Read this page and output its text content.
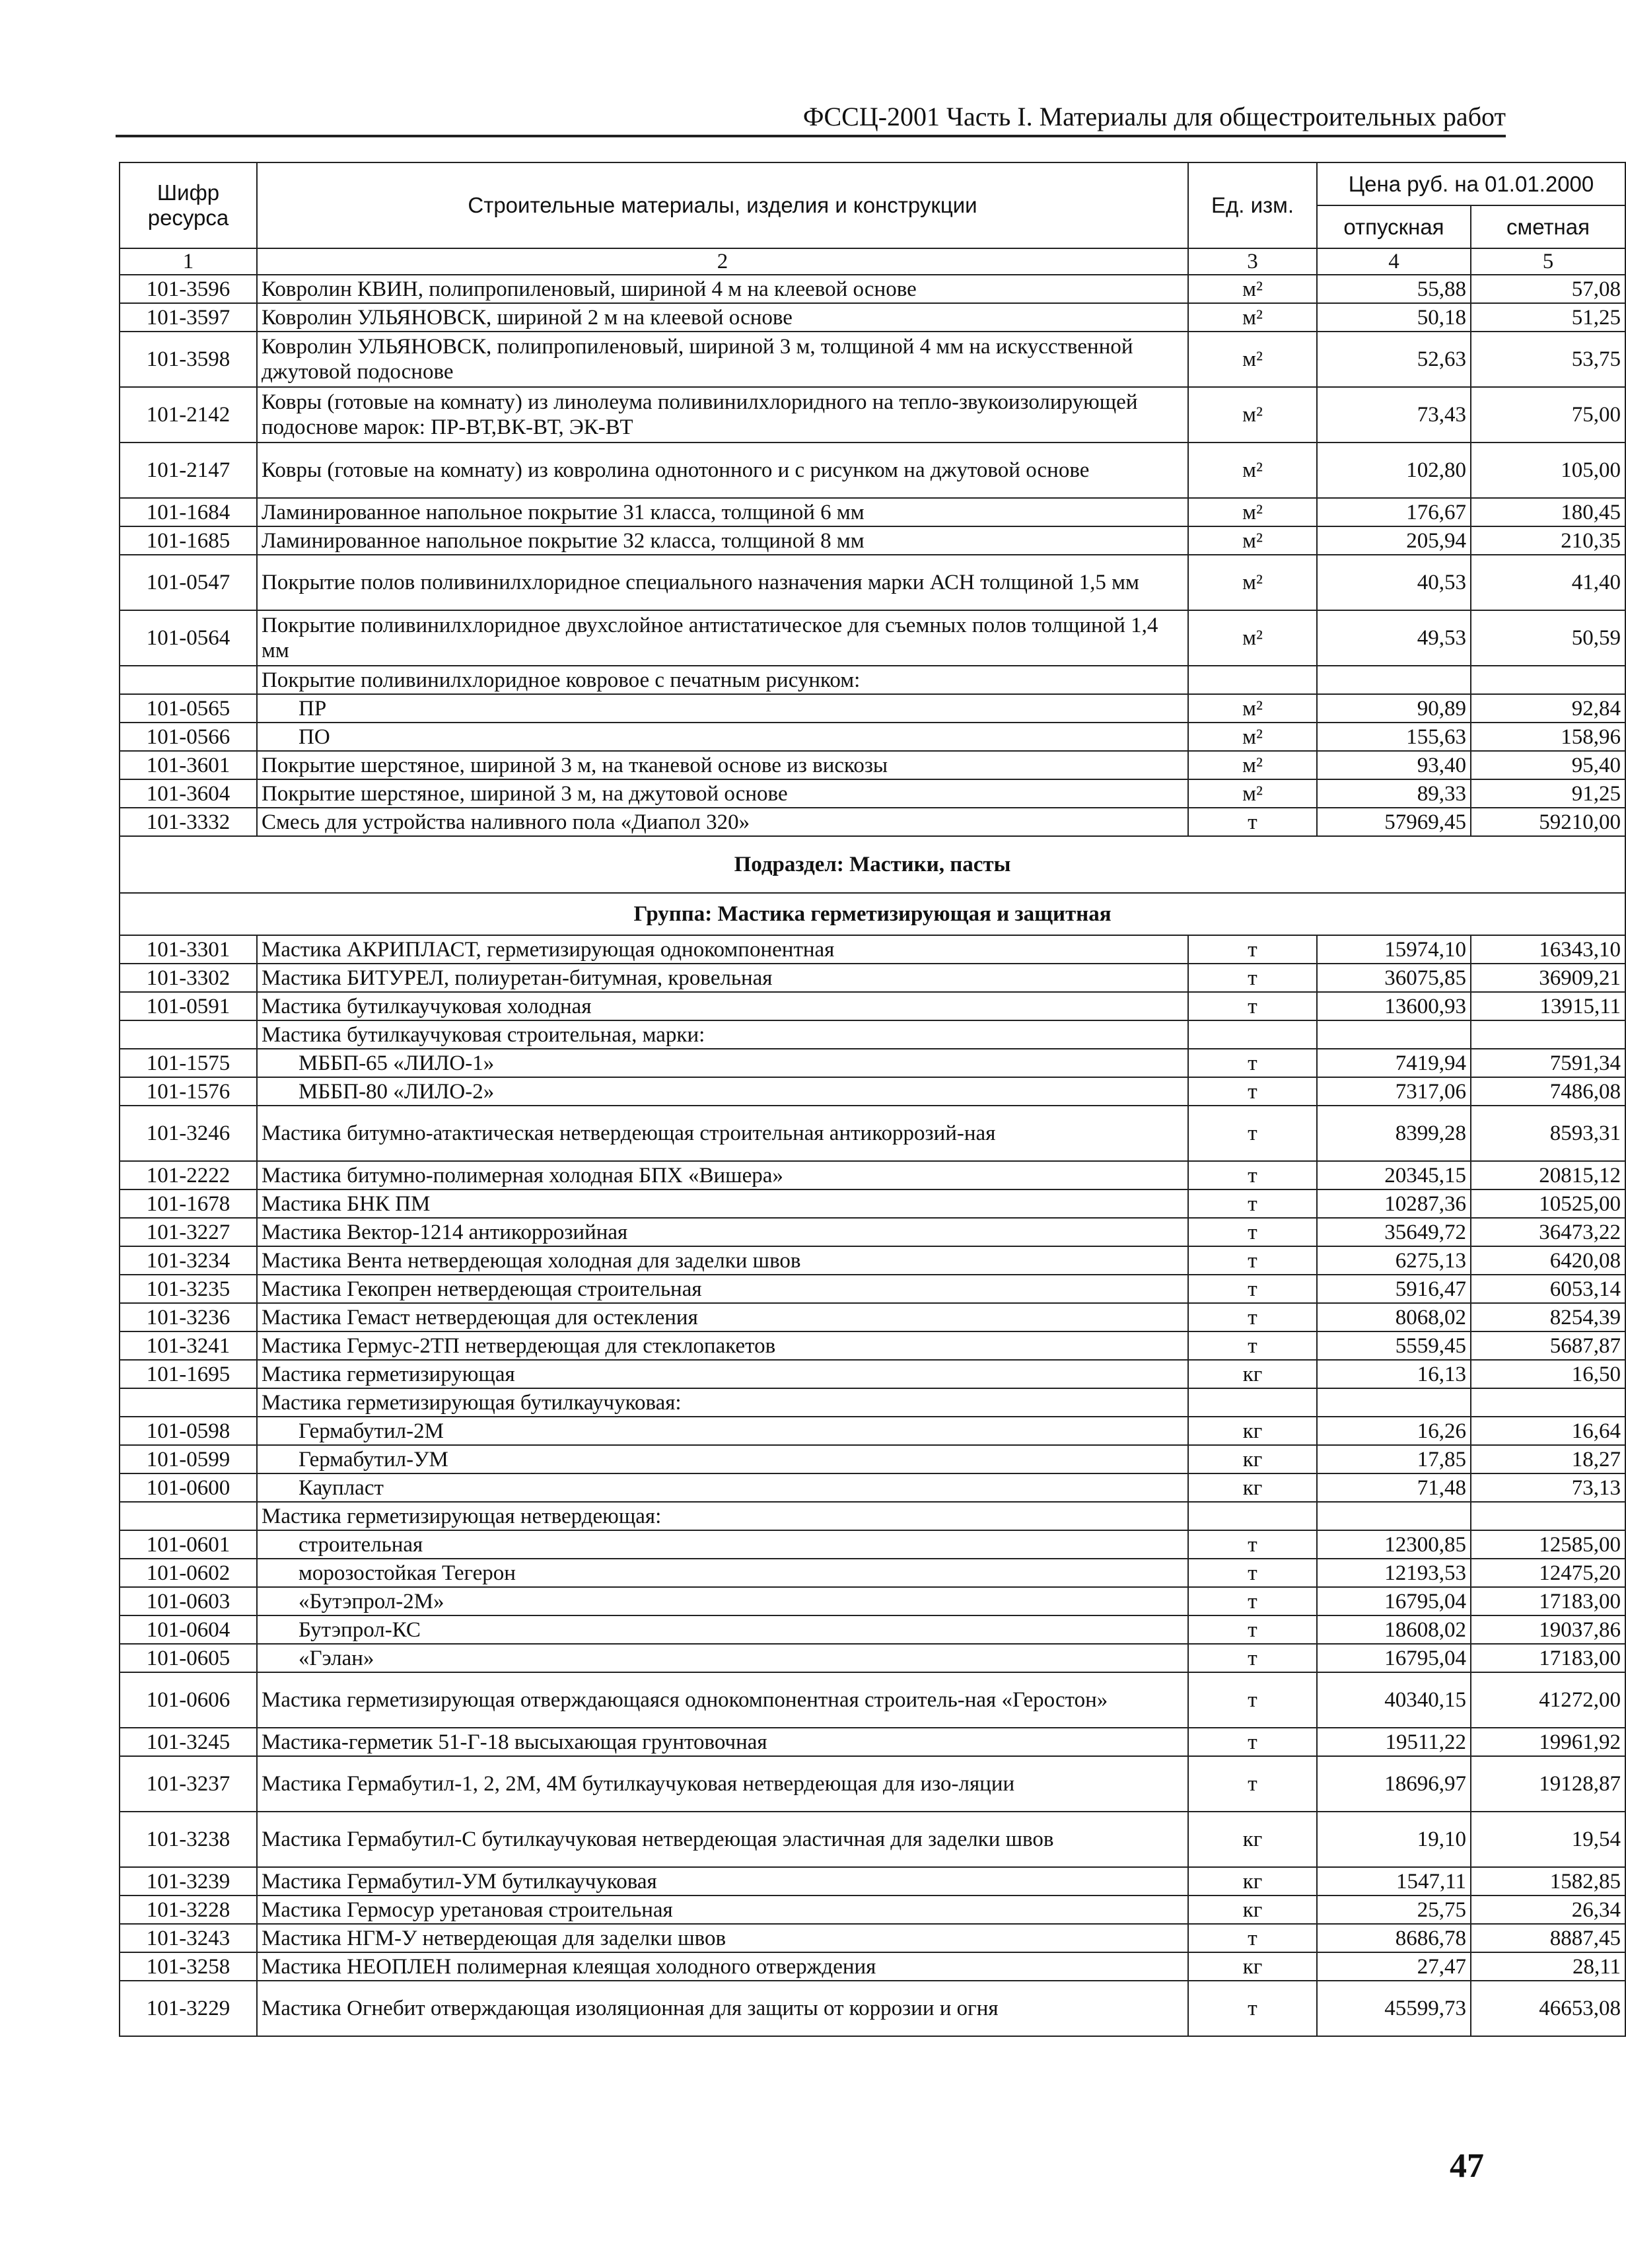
ФССЦ-2001 Часть I. Материалы для общестроительных работ
Шифр ресурса	Строительные материалы, изделия и конструкции	Ед. изм.	Цена руб. на 01.01.2000	
			отпускная	сметная
1	2	3	4	5
101-3596	Ковролин КВИН, полипропиленовый, шириной 4 м на клеевой основе	м²	55,88	57,08
101-3597	Ковролин УЛЬЯНОВСК, шириной 2 м на клеевой основе	м²	50,18	51,25
101-3598	Ковролин УЛЬЯНОВСК, полипропиленовый, шириной 3 м, толщиной 4 мм на искусственной джутовой подоснове	м²	52,63	53,75
101-2142	Ковры (готовые на комнату) из линолеума поливинилхлоридного на тепло-звукоизолирующей подоснове марок: ПР-ВТ,ВК-ВТ, ЭК-ВТ	м²	73,43	75,00
101-2147	Ковры (готовые на комнату) из ковролина однотонного и с рисунком на джутовой основе	м²	102,80	105,00
101-1684	Ламинированное напольное покрытие 31 класса, толщиной 6 мм	м²	176,67	180,45
101-1685	Ламинированное напольное покрытие 32 класса, толщиной 8 мм	м²	205,94	210,35
101-0547	Покрытие полов поливинилхлоридное специального назначения марки АСН толщиной 1,5 мм	м²	40,53	41,40
101-0564	Покрытие поливинилхлоридное двухслойное антистатическое для съемных полов толщиной 1,4 мм	м²	49,53	50,59
	Покрытие поливинилхлоридное ковровое с печатным рисунком:			
101-0565	ПР	м²	90,89	92,84
101-0566	ПО	м²	155,63	158,96
101-3601	Покрытие шерстяное, шириной 3 м, на тканевой основе из вискозы	м²	93,40	95,40
101-3604	Покрытие шерстяное, шириной 3 м, на джутовой основе	м²	89,33	91,25
101-3332	Смесь для устройства наливного пола «Диапол 320»	т	57969,45	59210,00
Подраздел: Мастики, пасты				
Группа: Мастика герметизирующая и защитная				
101-3301	Мастика АКРИПЛАСТ, герметизирующая однокомпонентная	т	15974,10	16343,10
101-3302	Мастика БИТУРЕЛ, полиуретан-битумная, кровельная	т	36075,85	36909,21
101-0591	Мастика бутилкаучуковая холодная	т	13600,93	13915,11
	Мастика бутилкаучуковая строительная, марки:			
101-1575	МББП-65 «ЛИЛО-1»	т	7419,94	7591,34
101-1576	МББП-80 «ЛИЛО-2»	т	7317,06	7486,08
101-3246	Мастика битумно-атактическая нетвердеющая строительная антикоррозий-ная	т	8399,28	8593,31
101-2222	Мастика битумно-полимерная холодная БПХ «Вишера»	т	20345,15	20815,12
101-1678	Мастика БНК ПМ	т	10287,36	10525,00
101-3227	Мастика Вектор-1214 антикоррозийная	т	35649,72	36473,22
101-3234	Мастика Вента нетвердеющая холодная для заделки швов	т	6275,13	6420,08
101-3235	Мастика Гекопрен нетвердеющая строительная	т	5916,47	6053,14
101-3236	Мастика Гемаст нетвердеющая для остекления	т	8068,02	8254,39
101-3241	Мастика Гермус-2ТП нетвердеющая для стеклопакетов	т	5559,45	5687,87
101-1695	Мастика герметизирующая	кг	16,13	16,50
	Мастика герметизирующая бутилкаучуковая:			
101-0598	Гермабутил-2М	кг	16,26	16,64
101-0599	Гермабутил-УМ	кг	17,85	18,27
101-0600	Каупласт	кг	71,48	73,13
	Мастика герметизирующая нетвердеющая:			
101-0601	строительная	т	12300,85	12585,00
101-0602	морозостойкая Тегерон	т	12193,53	12475,20
101-0603	«Бутэпрол-2М»	т	16795,04	17183,00
101-0604	Бутэпрол-КС	т	18608,02	19037,86
101-0605	«Гэлан»	т	16795,04	17183,00
101-0606	Мастика герметизирующая отверждающаяся однокомпонентная строитель-ная «Геростон»	т	40340,15	41272,00
101-3245	Мастика-герметик 51-Г-18 высыхающая грунтовочная	т	19511,22	19961,92
101-3237	Мастика Гермабутил-1, 2, 2М, 4М бутилкаучуковая нетвердеющая для изо-ляции	т	18696,97	19128,87
101-3238	Мастика Гермабутил-С бутилкаучуковая нетвердеющая эластичная для заделки швов	кг	19,10	19,54
101-3239	Мастика Гермабутил-УМ бутилкаучуковая	кг	1547,11	1582,85
101-3228	Мастика Гермосур уретановая строительная	кг	25,75	26,34
101-3243	Мастика НГМ-У нетвердеющая для заделки швов	т	8686,78	8887,45
101-3258	Мастика НЕОПЛЕН полимерная клеящая холодного отверждения	кг	27,47	28,11
101-3229	Мастика Огнебит отверждающая изоляционная для защиты от коррозии и огня	т	45599,73	46653,08
47
